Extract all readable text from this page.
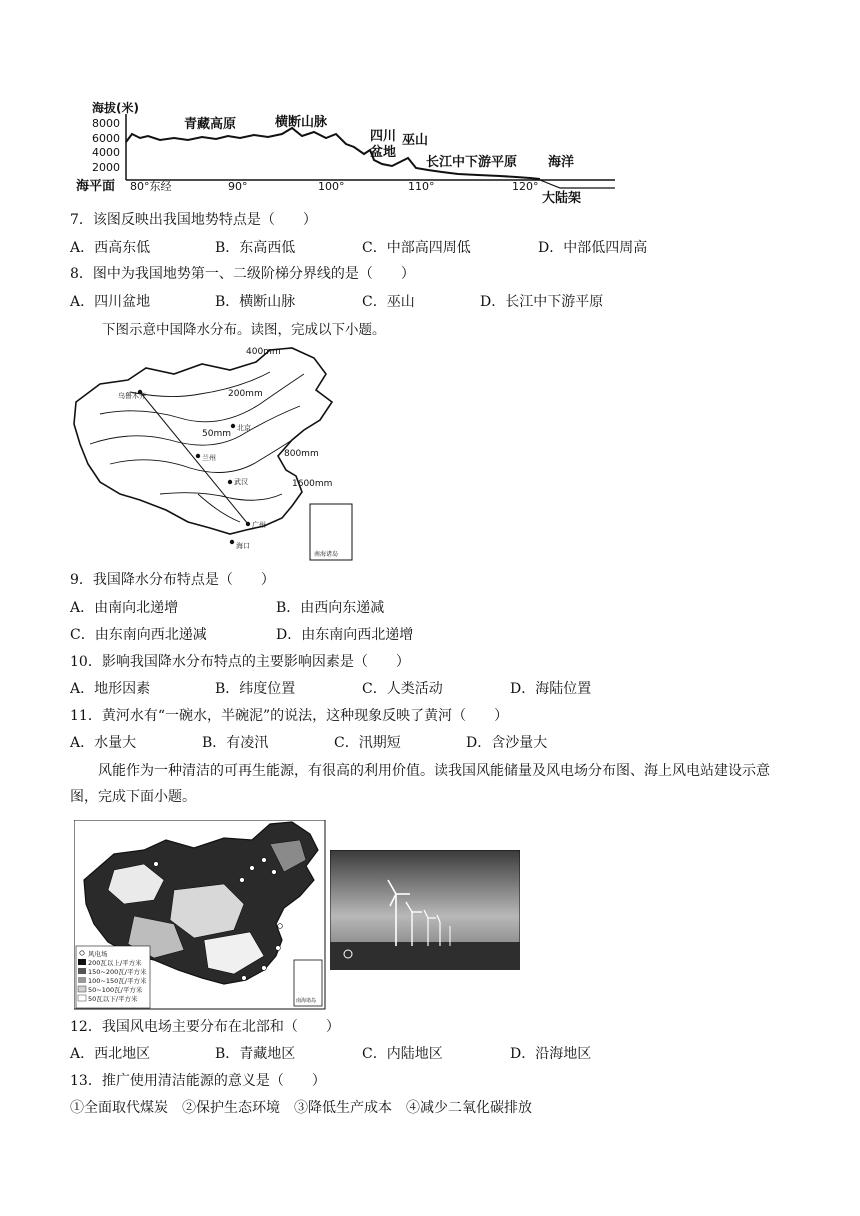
海拔(米)
8000
6000
4000
2000
青藏高原	横断山脉
四川
盆地
巫山
长江中下游平原 海洋
海平面 80°东经	90°	100°	110°	120°
大陆架
7．该图反映出我国地势特点是（　　）
A．西高东低	B．东高西低	C．中部高四周低	D．中部低四周高
8．图中为我国地势第一、二级阶梯分界线的是（　　）
A．四川盆地	B．横断山脉	C．巫山	D．长江中下游平原
下图示意中国降水分布。读图，完成以下小题。
400mm
200mm
50mm
800mm
1600mm
乌鲁木齐
北京
兰州
武汉
广州
海口
南海诸岛
9．我国降水分布特点是（　　）
A．由南向北递增	B．由西向东递减
C．由东南向西北递减	D．由东南向西北递增
10．影响我国降水分布特点的主要影响因素是（　　）
A．地形因素	B．纬度位置	C．人类活动	D．海陆位置
11．黄河水有“一碗水，半碗泥”的说法，这种现象反映了黄河（　　）
A．水量大	B．有凌汛	C．汛期短	D．含沙量大
风能作为一种清洁的可再生能源，有很高的利用价值。读我国风能储量及风电场分布图、海上风电站建设示意图，完成下面小题。
风电场
200瓦以上/平方米
150~200瓦/平方米
100~150瓦/平方米
50~100瓦/平方米
50瓦以下/平方米	南海诸岛
12．我国风电场主要分布在北部和（　　）
A．西北地区	B．青藏地区	C．内陆地区	D．沿海地区
13．推广使用清洁能源的意义是（　　）
①全面取代煤炭　②保护生态环境　③降低生产成本　④减少二氧化碳排放
